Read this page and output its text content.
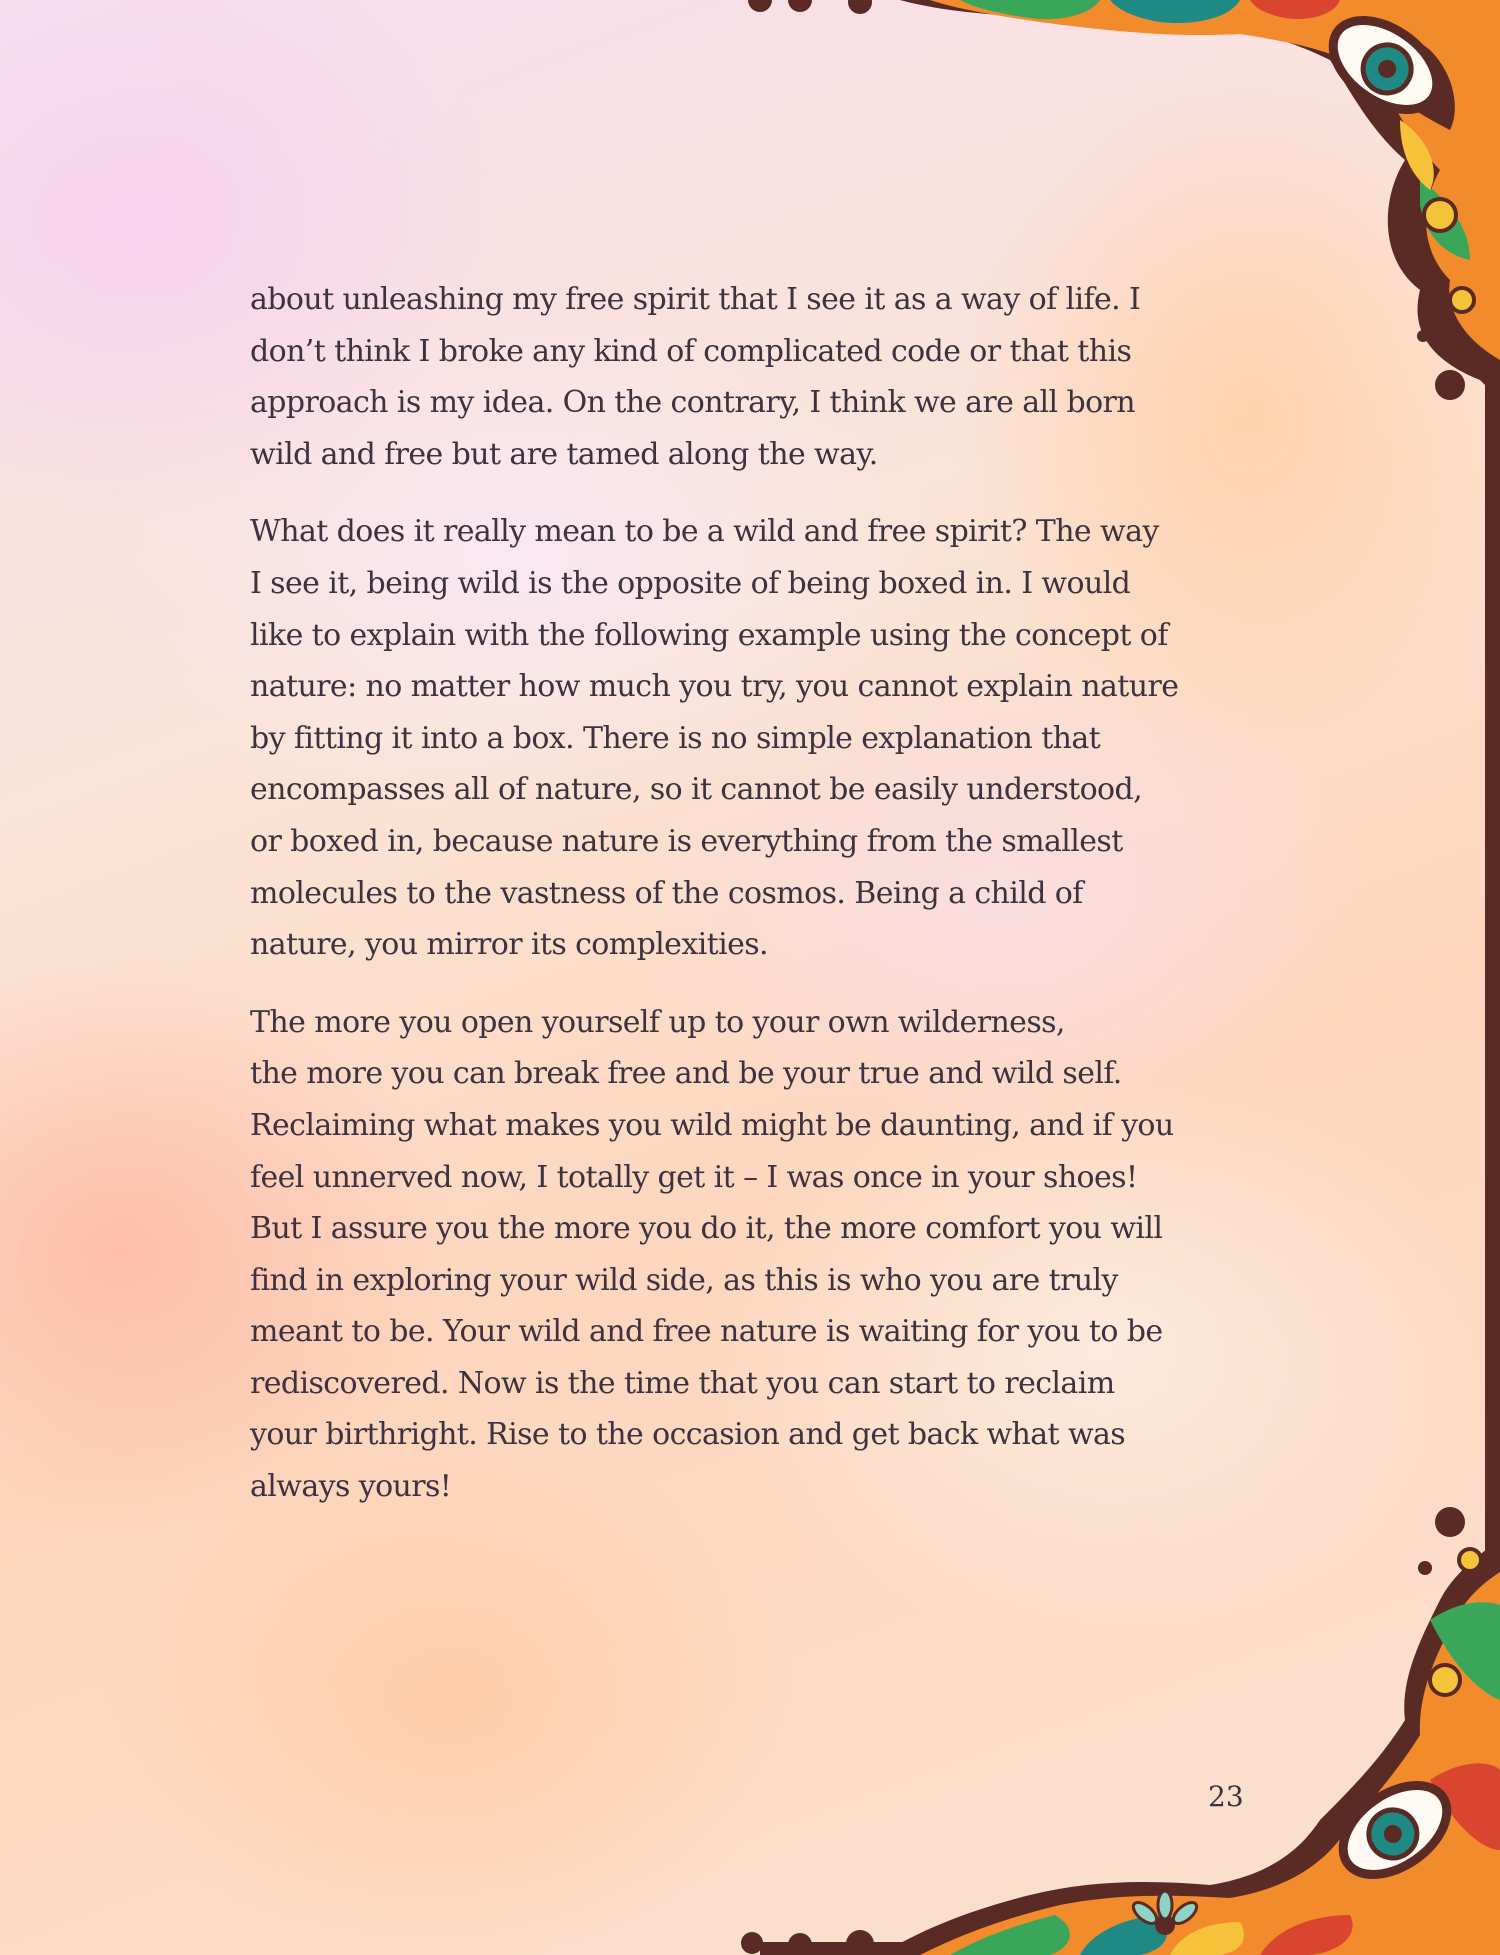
about unleashing my free spirit that I see it as a way of life. I
don’t think I broke any kind of complicated code or that this
approach is my idea. On the contrary, I think we are all born
wild and free but are tamed along the way.

What does it really mean to be a wild and free spirit? The way
I see it, being wild is the opposite of being boxed in. I would
like to explain with the following example using the concept of
nature: no matter how much you try, you cannot explain nature
by fitting it into a box. There is no simple explanation that
encompasses all of nature, so it cannot be easily understood,
or boxed in, because nature is everything from the smallest
molecules to the vastness of the cosmos. Being a child of
nature, you mirror its complexities.

The more you open yourself up to your own wilderness,
the more you can break free and be your true and wild self.
Reclaiming what makes you wild might be daunting, and if you
feel unnerved now, I totally get it – I was once in your shoes!
But I assure you the more you do it, the more comfort you will
find in exploring your wild side, as this is who you are truly
meant to be. Your wild and free nature is waiting for you to be
rediscovered. Now is the time that you can start to reclaim
your birthright. Rise to the occasion and get back what was
always yours!

23
